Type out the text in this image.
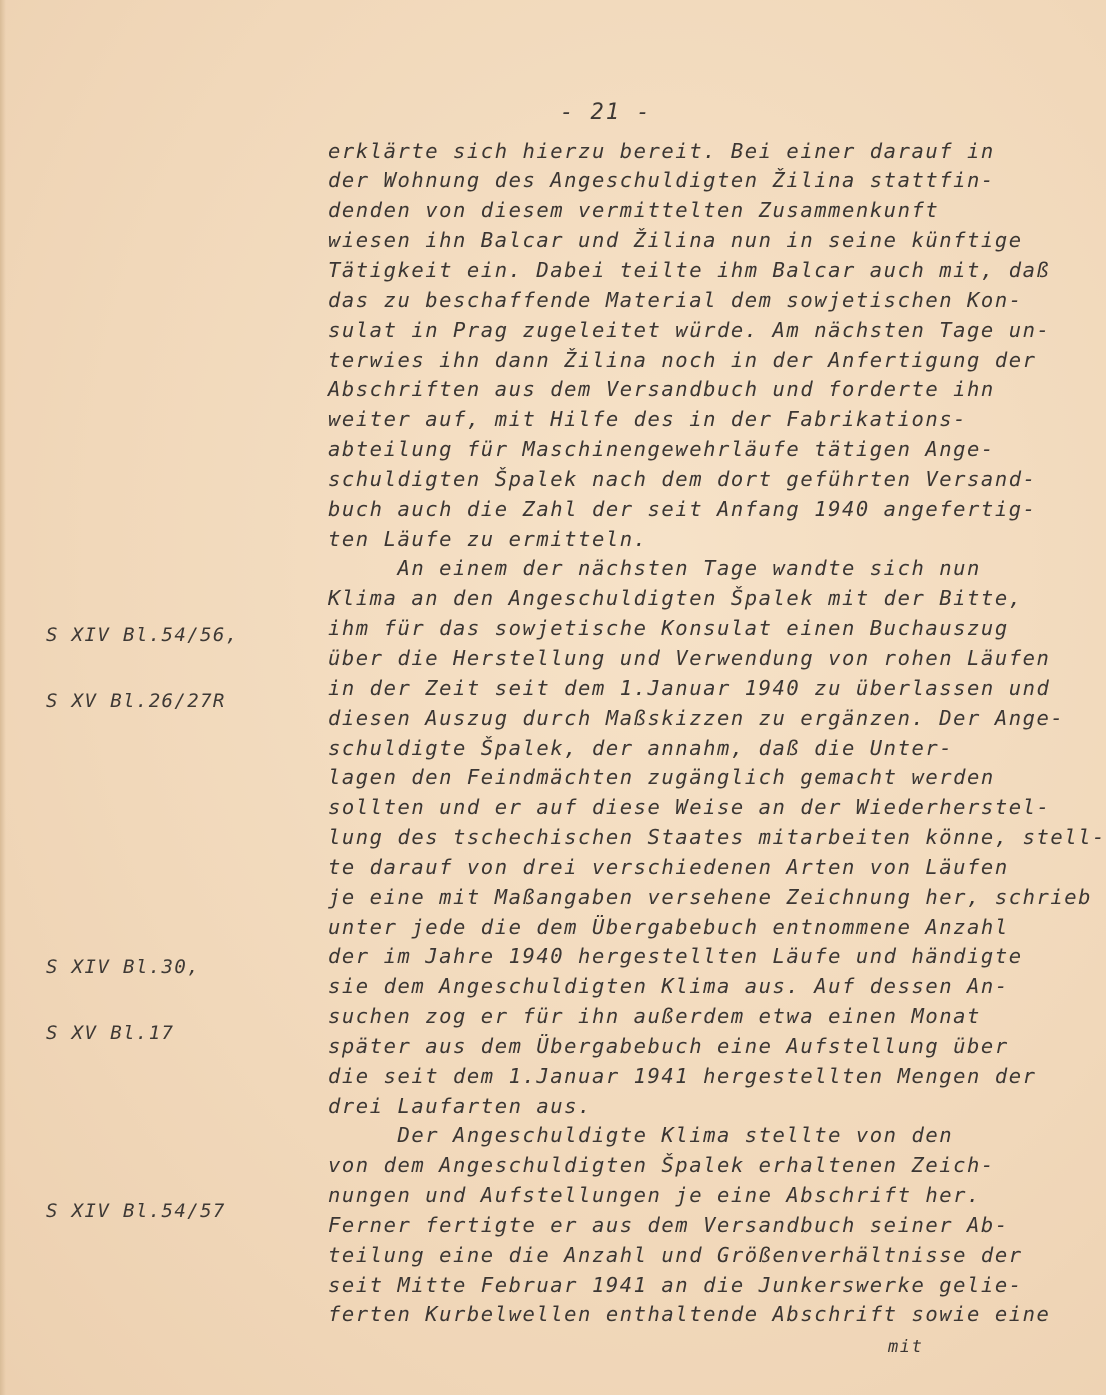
- 21 -
erklärte sich hierzu bereit. Bei einer darauf in
der Wohnung des Angeschuldigten Žilina stattfin-
denden von diesem vermittelten Zusammenkunft
wiesen ihn Balcar und Žilina nun in seine künftige
Tätigkeit ein. Dabei teilte ihm Balcar auch mit, daß
das zu beschaffende Material dem sowjetischen Kon-
sulat in Prag zugeleitet würde. Am nächsten Tage un-
terwies ihn dann Žilina noch in der Anfertigung der
Abschriften aus dem Versandbuch und forderte ihn
weiter auf, mit Hilfe des in der Fabrikations-
abteilung für Maschinengewehrläufe tätigen Ange-
schuldigten Špalek nach dem dort geführten Versand-
buch auch die Zahl der seit Anfang 1940 angefertig-
ten Läufe zu ermitteln.
An einem der nächsten Tage wandte sich nun
Klima an den Angeschuldigten Špalek mit der Bitte,
ihm für das sowjetische Konsulat einen Buchauszug
über die Herstellung und Verwendung von rohen Läufen
in der Zeit seit dem 1.Januar 1940 zu überlassen und
diesen Auszug durch Maßskizzen zu ergänzen. Der Ange-
schuldigte Špalek, der annahm, daß die Unter-
lagen den Feindmächten zugänglich gemacht werden
sollten und er auf diese Weise an der Wiederherstel-
lung des tschechischen Staates mitarbeiten könne, stell-
te darauf von drei verschiedenen Arten von Läufen
je eine mit Maßangaben versehene Zeichnung her, schrieb
unter jede die dem Übergabebuch entnommene Anzahl
der im Jahre 1940 hergestellten Läufe und händigte
sie dem Angeschuldigten Klima aus. Auf dessen An-
suchen zog er für ihn außerdem etwa einen Monat
später aus dem Übergabebuch eine Aufstellung über
die seit dem 1.Januar 1941 hergestellten Mengen der
drei Laufarten aus.
Der Angeschuldigte Klima stellte von den
von dem Angeschuldigten Špalek erhaltenen Zeich-
nungen und Aufstellungen je eine Abschrift her.
Ferner fertigte er aus dem Versandbuch seiner Ab-
teilung eine die Anzahl und Größenverhältnisse der
seit Mitte Februar 1941 an die Junkerswerke gelie-
ferten Kurbelwellen enthaltende Abschrift sowie eine
mit

S XIV Bl.54/56,

S XV Bl.26/27R

S XIV Bl.30,

S XV Bl.17

S XIV Bl.54/57
